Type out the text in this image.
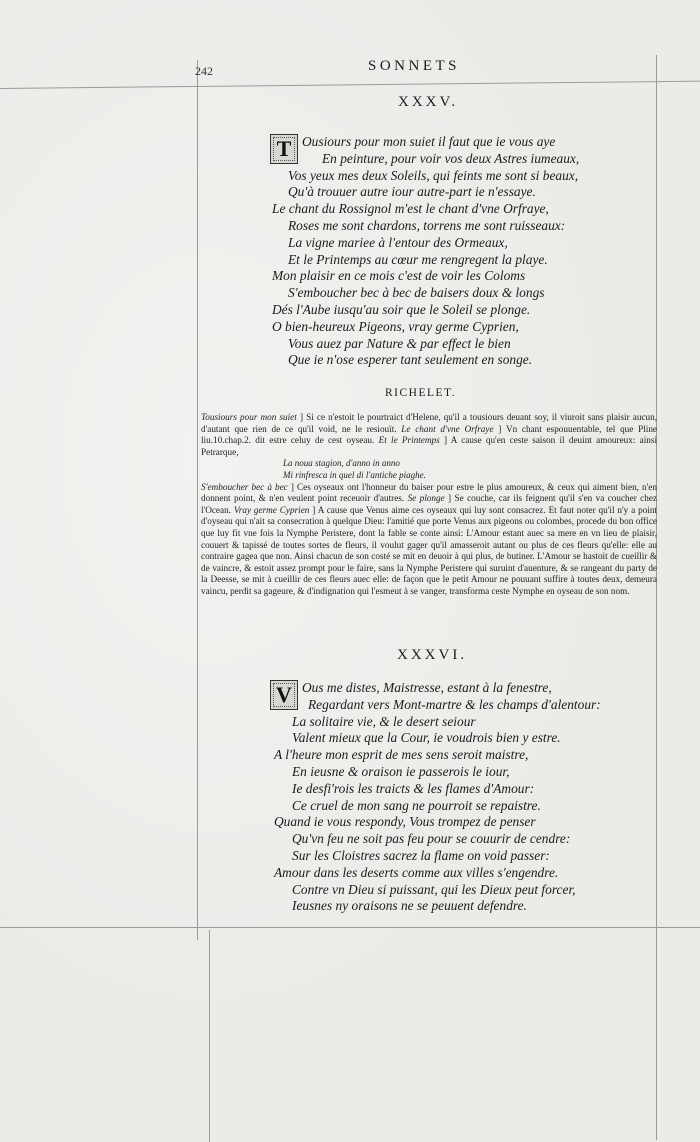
242	SONNETS
XXXV.
T Ousiours pour mon suiet il faut que ie vous aye
En peinture, pour voir vos deux Astres iumeaux,
Vos yeux mes deux Soleils, qui feints me sont si beaux,
Qu'à trouuer autre iour autre-part ie n'essaye.
Le chant du Rossignol m'est le chant d'vne Orfraye,
Roses me sont chardons, torrens me sont ruisseaux:
La vigne mariee à l'entour des Ormeaux,
Et le Printemps au cœur me rengregent la playe.
Mon plaisir en ce mois c'est de voir les Coloms
S'emboucher bec à bec de baisers doux & longs
Dés l'Aube iusqu'au soir que le Soleil se plonge.
O bien-heureux Pigeons, vray germe Cyprien,
Vous auez par Nature & par effect le bien
Que ie n'ose esperer tant seulement en songe.
RICHELET.

Tousiours pour mon suiet ] Si ce n'estoit le pourtraict d'Helene, qu'il a tousiours deuant soy, il viuroit sans plaisir aucun, d'autant que rien de ce qu'il void, ne le resiouït. Le chant d'vne Orfraye ] Vn chant espouuentable, tel que Pline liu.10.chap.2. dit estre celuy de cest oyseau. Et le Printemps ] A cause qu'en ceste saison il deuint amoureux: ainsi Petrarque,

La noua stagion, d'anno in anno
Mi rinfresca in quel di l'antiche piaghe.

S'emboucher bec à bec ] Ces oyseaux ont l'honneur du baiser pour estre le plus amoureux, & ceux qui aiment bien, n'en donnent point, & n'en veulent point receuoir d'autres. Se plonge ] Se couche, car ils feignent qu'il s'en va coucher chez l'Ocean. Vray germe Cyprien ] A cause que Venus aime ces oyseaux qui luy sont consacrez. Et faut noter qu'il n'y a point d'oyseau qui n'ait sa consecration à quelque Dieu: l'amitié que porte Venus aux pigeons ou colombes, procede du bon office que luy fit vne fois la Nymphe Peristere, dont la fable se conte ainsi: L'Amour estant auec sa mere en vn lieu de plaisir, couuert & tapissé de toutes sortes de fleurs, il voulut gager qu'il amasseroit autant ou plus de ces fleurs qu'elle: elle au contraire gagea que non. Ainsi chacun de son costé se mit en deuoir à qui plus, de butiner. L'Amour se hastoit de cueillir & de vaincre, & estoit assez prompt pour le faire, sans la Nymphe Peristere qui suruint d'auenture, & se rangeant du party de la Deesse, se mit à cueillir de ces fleurs auec elle: de façon que le petit Amour ne pouuant suffire à toutes deux, demeura vaincu, perdit sa gageure, & d'indignation qui l'esmeut à se vanger, transforma ceste Nymphe en oyseau de son nom.

XXXVI.
V Ous me distes, Maistresse, estant à la fenestre,
Regardant vers Mont-martre & les champs d'alentour:
La solitaire vie, & le desert seiour
Valent mieux que la Cour, ie voudrois bien y estre.
A l'heure mon esprit de mes sens seroit maistre,
En ieusne & oraison ie passerois le iour,
Ie desfi'rois les traicts & les flames d'Amour:
Ce cruel de mon sang ne pourroit se repaistre.
Quand ie vous respondy, Vous trompez de penser
Qu'vn feu ne soit pas feu pour se couurir de cendre:
Sur les Cloistres sacrez la flame on void passer:
Amour dans les deserts comme aux villes s'engendre.
Contre vn Dieu si puissant, qui les Dieux peut forcer,
Ieusnes ny oraisons ne se peuuent defendre.
